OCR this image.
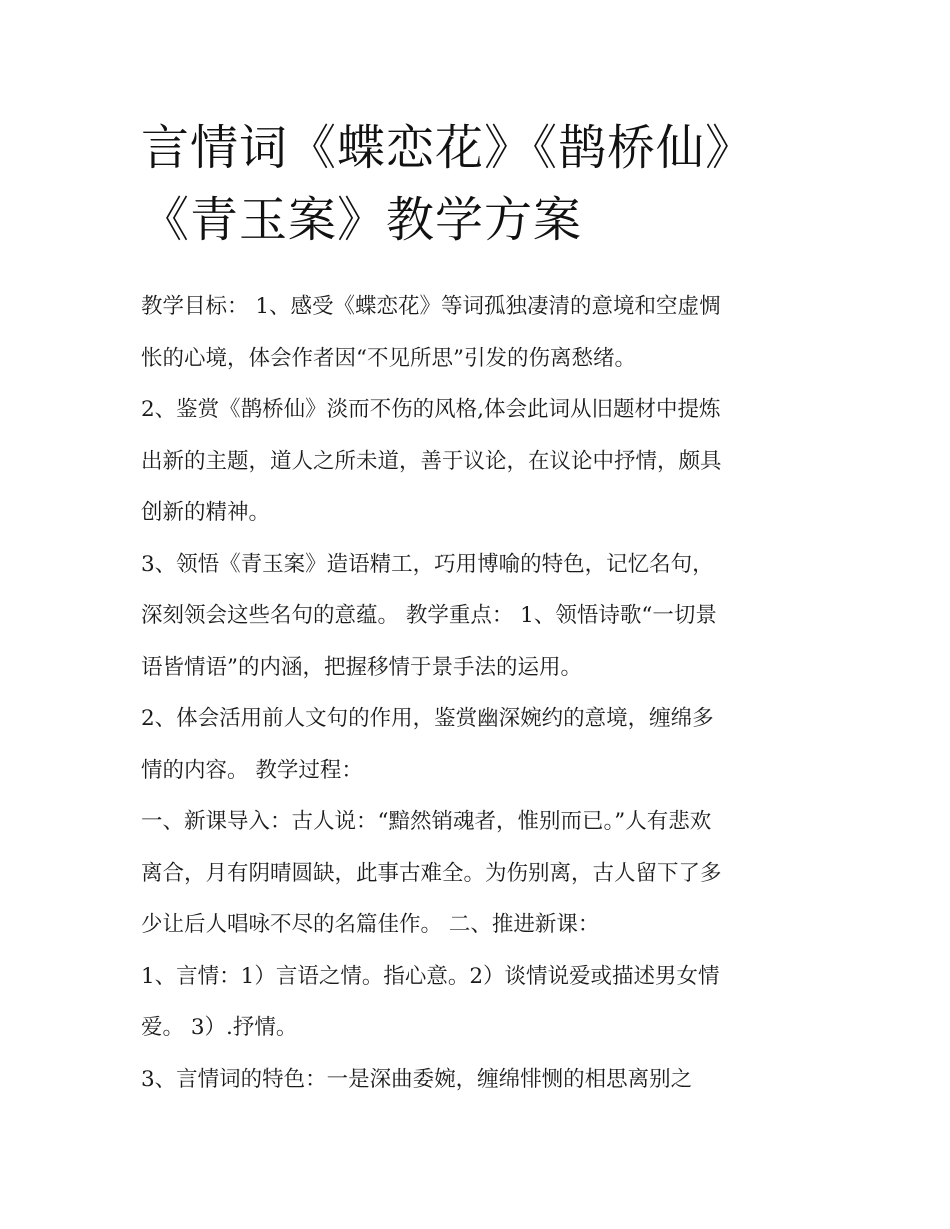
言情词《蝶恋花》《鹊桥仙》
《青玉案》教学方案
教学目标： 1、感受《蝶恋花》等词孤独凄清的意境和空虚惆
怅的心境，体会作者因“不见所思”引发的伤离愁绪。
2、鉴赏《鹊桥仙》淡而不伤的风格,体会此词从旧题材中提炼
出新的主题，道人之所未道，善于议论，在议论中抒情，颇具
创新的精神。
3、领悟《青玉案》造语精工，巧用博喻的特色，记忆名句，
深刻领会这些名句的意蕴。 教学重点： 1、领悟诗歌“一切景
语皆情语”的内涵，把握移情于景手法的运用。
2、体会活用前人文句的作用，鉴赏幽深婉约的意境，缠绵多
情的内容。 教学过程：
一、新课导入：古人说：“黯然销魂者，惟别而已。”人有悲欢
离合，月有阴晴圆缺，此事古难全。为伤别离，古人留下了多
少让后人唱咏不尽的名篇佳作。 二、推进新课：
1、言情：1）言语之情。指心意。2）谈情说爱或描述男女情
爱。 3）.抒情。
3、言情词的特色：一是深曲委婉，缠绵悱恻的相思离别之
